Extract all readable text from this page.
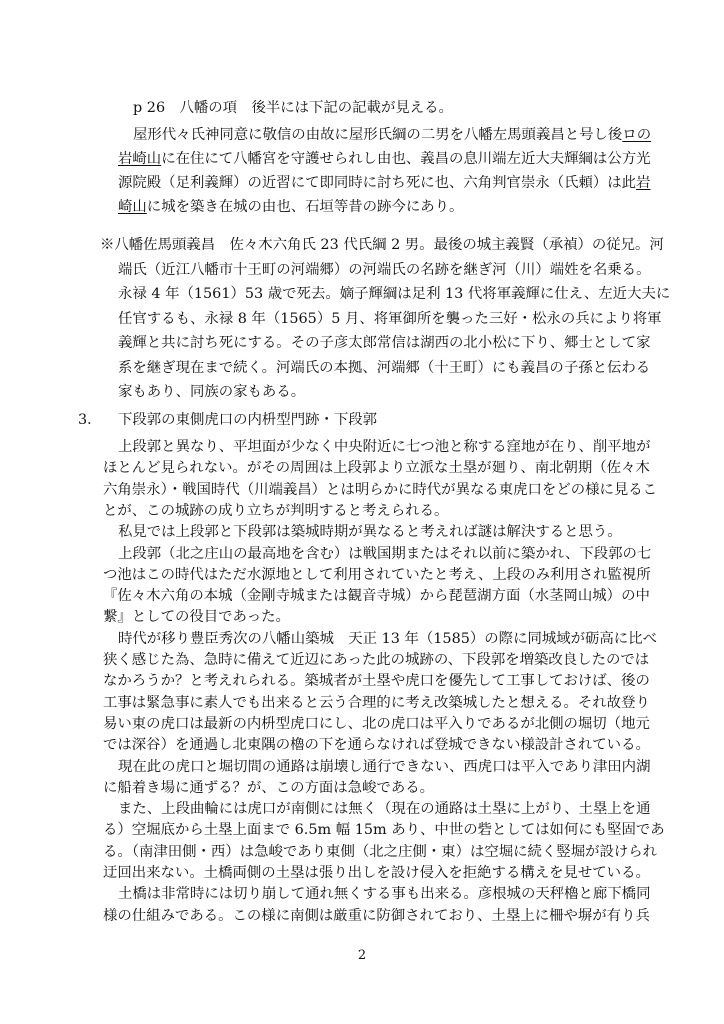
p 26　八幡の項　後半には下記の記載が見える。
屋形代々氏神同意に敬信の由故に屋形氏綱の二男を八幡左馬頭義昌と号し後ロの
岩崎山に在住にて八幡宮を守護せられし由也、義昌の息川端左近大夫輝綱は公方光
源院殿（足利義輝）の近習にて即同時に討ち死に也、六角判官崇永（氏頼）は此岩
崎山に城を築き在城の由也、石垣等昔の跡今にあり。
※八幡佐馬頭義昌　佐々木六角氏 23 代氏綱 2 男。最後の城主義賢（承禎）の従兄。河
端氏（近江八幡市十王町の河端郷）の河端氏の名跡を継ぎ河（川）端姓を名乗る。
永禄 4 年（1561）53 歳で死去。嫡子輝綱は足利 13 代将軍義輝に仕え、左近大夫に
任官するも、永禄 8 年（1565）5 月、将軍御所を襲った三好・松永の兵により将軍
義輝と共に討ち死にする。その子彦太郎常信は湖西の北小松に下り、郷士として家
系を継ぎ現在まで続く。河端氏の本拠、河端郷（十王町）にも義昌の子孫と伝わる
家もあり、同族の家もある。
3． 下段郭の東側虎口の内枡型門跡・下段郭
上段郭と異なり、平坦面が少なく中央附近に七つ池と称する窪地が在り、削平地が
ほとんど見られない。がその周囲は上段郭より立派な土塁が廻り、南北朝期（佐々木
六角崇永）・戦国時代（川端義昌）とは明らかに時代が異なる東虎口をどの様に見るこ
とが、この城跡の成り立ちが判明すると考えられる。
私見では上段郭と下段郭は築城時期が異なると考えれば謎は解決すると思う。
上段郭（北之庄山の最高地を含む）は戦国期またはそれ以前に築かれ、下段郭の七
つ池はこの時代はただ水源地として利用されていたと考え、上段のみ利用され監視所
『佐々木六角の本城（金剛寺城または観音寺城）から琵琶湖方面（水茎岡山城）の中
繋』としての役目であった。
時代が移り豊臣秀次の八幡山築城　天正 13 年（1585）の際に同城域が砺高に比べ
狭く感じた為、急時に備えて近辺にあった此の城跡の、下段郭を増築改良したのでは
なかろうか？と考えれられる。築城者が土塁や虎口を優先して工事しておけば、後の
工事は緊急事に素人でも出来ると云う合理的に考え改築城したと想える。それ故登り
易い東の虎口は最新の内枡型虎口にし、北の虎口は平入りであるが北側の堀切（地元
では深谷）を通過し北東隅の櫓の下を通らなければ登城できない様設計されている。
現在此の虎口と堀切間の通路は崩壊し通行できない、西虎口は平入であり津田内湖
に船着き場に通ずる？が、この方面は急峻である。
また、上段曲輪には虎口が南側には無く（現在の通路は土塁に上がり、土塁上を通
る）空堀底から土塁上面まで 6.5m 幅 15m あり、中世の砦としては如何にも堅固であ
る。（南津田側・西）は急峻であり東側（北之庄側・東）は空堀に続く竪堀が設けられ
迂回出来ない。土橋両側の土塁は張り出しを設け侵入を拒絶する構えを見せている。
土橋は非常時には切り崩して通れ無くする事も出来る。彦根城の天秤櫓と廊下橋同
様の仕組みである。この様に南側は厳重に防御されており、土塁上に柵や塀が有り兵
2
